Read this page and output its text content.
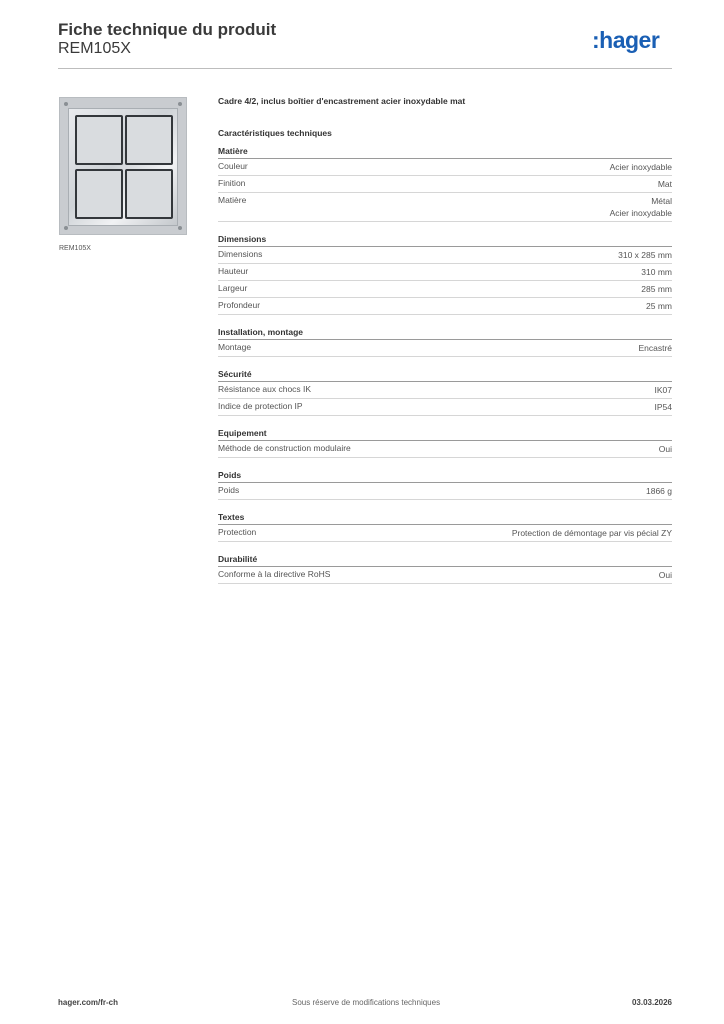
Fiche technique du produit
REM105X	:hager
REM105X
Cadre 4/2, inclus boîtier d'encastrement acier inoxydable mat
Caractéristiques techniques
Matière
Couleur	Acier inoxydable
Finition	Mat
Matière	Métal
Acier inoxydable
Dimensions
Dimensions	310 x 285 mm
Hauteur	310 mm
Largeur	285 mm
Profondeur	25 mm
Installation, montage
Montage	Encastré
Sécurité
Résistance aux chocs IK	IK07
Indice de protection IP	IP54
Equipement
Méthode de construction modulaire	Oui
Poids
Poids	1866 g
Textes
Protection	Protection de démontage par vis pécial ZY
Durabilité
Conforme à la directive RoHS	Oui
hager.com/fr-ch	Sous réserve de modifications techniques	03.03.2026
